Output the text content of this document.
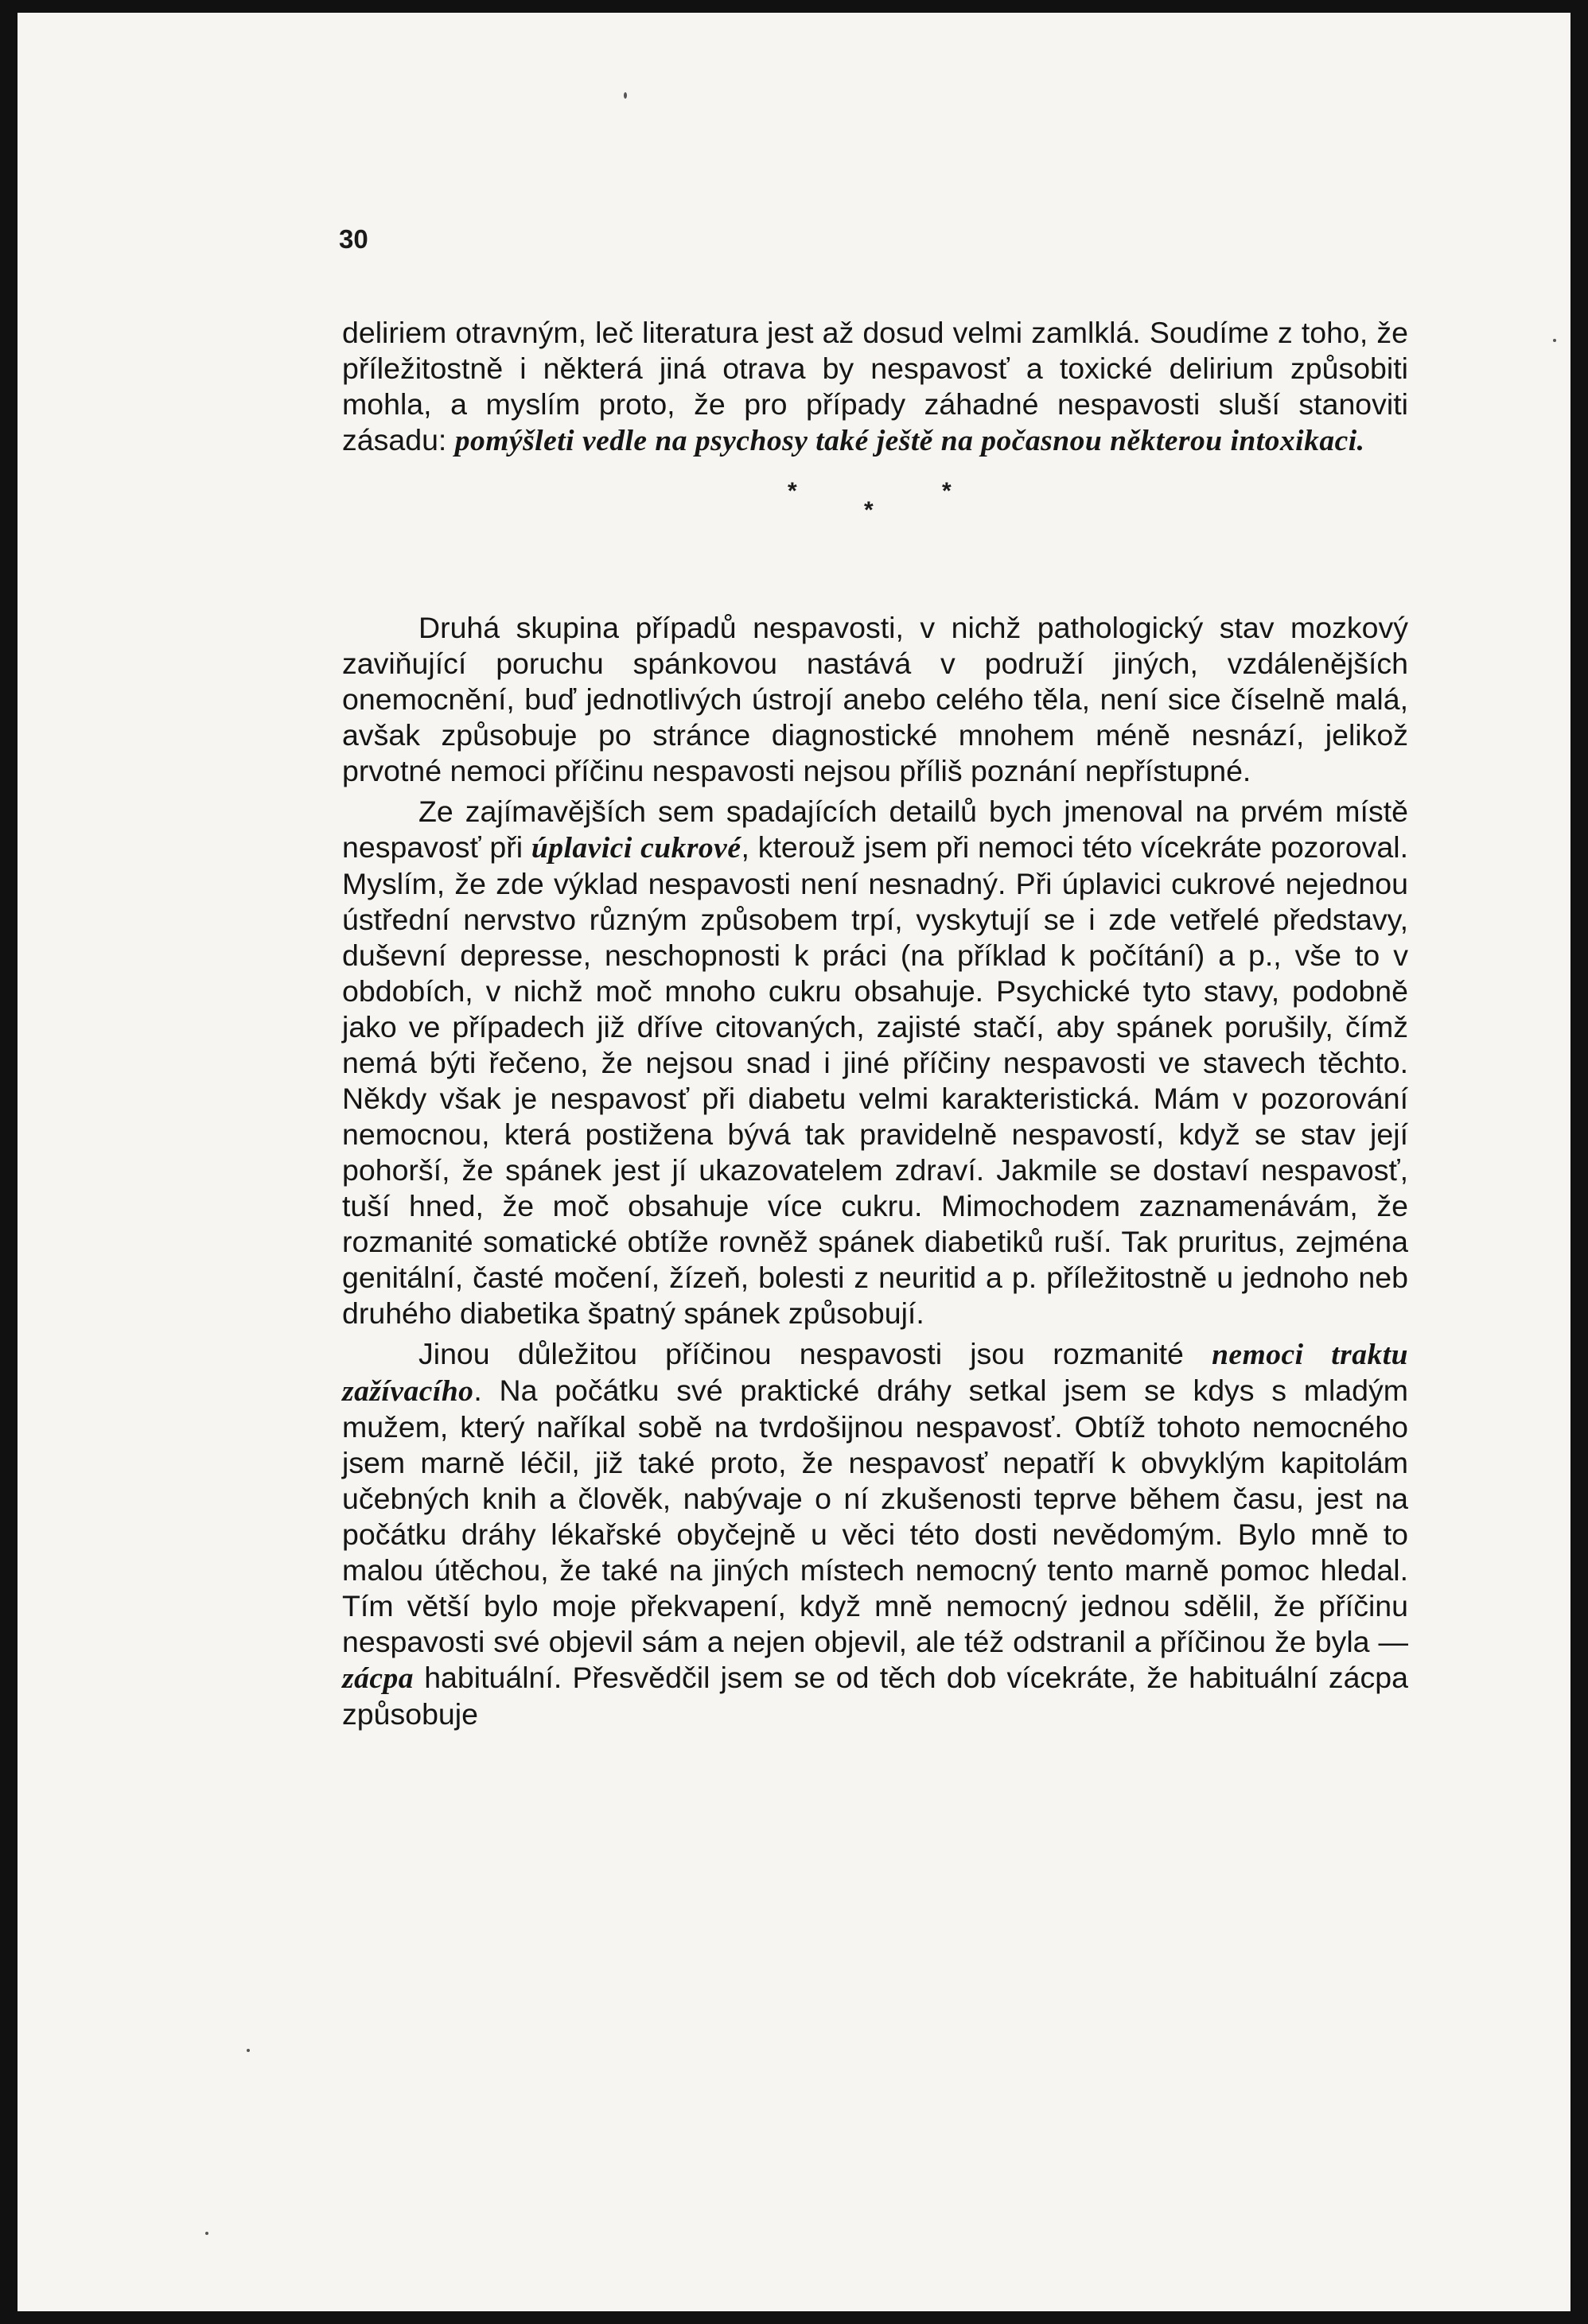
30

deliriem otravným, leč literatura jest až dosud velmi zamlklá. Soudíme z toho, že příležitostně i některá jiná otrava by nespavosť a toxické delirium způsobiti mohla, a myslím proto, že pro případy záhadné nespavosti sluší stanoviti zásadu: pomýšleti vedle na psychosy také ještě na počasnou některou intoxikaci.

*
*
*

Druhá skupina případů nespavosti, v nichž pathologický stav mozkový zaviňující poruchu spánkovou nastává v podruží jiných, vzdálenějších onemocnění, buď jednotlivých ústrojí anebo celého těla, není sice číselně malá, avšak způsobuje po stránce diagnostické mnohem méně nesnází, jelikož prvotné nemoci příčinu nespavosti nejsou příliš poznání nepřístupné.

Ze zajímavějších sem spadajících detailů bych jmenoval na prvém místě nespavosť při úplavici cukrové, kterouž jsem při nemoci této vícekráte pozoroval. Myslím, že zde výklad nespavosti není nesnadný. Při úplavici cukrové nejednou ústřední nervstvo různým způsobem trpí, vyskytují se i zde vetřelé představy, duševní depresse, neschopnosti k práci (na příklad k počítání) a p., vše to v obdobích, v nichž moč mnoho cukru obsahuje. Psychické tyto stavy, podobně jako ve případech již dříve citovaných, zajisté stačí, aby spánek porušily, čímž nemá býti řečeno, že nejsou snad i jiné příčiny nespavosti ve stavech těchto. Někdy však je nespavosť při diabetu velmi karakteristická. Mám v pozorování nemocnou, která postižena bývá tak pravidelně nespavostí, když se stav její pohorší, že spánek jest jí ukazovatelem zdraví. Jakmile se dostaví nespavosť, tuší hned, že moč obsahuje více cukru. Mimochodem zaznamenávám, že rozmanité somatické obtíže rovněž spánek diabetiků ruší. Tak pruritus, zejména genitální, časté močení, žízeň, bolesti z neuritid a p. příležitostně u jednoho neb druhého diabetika špatný spánek způsobují.

Jinou důležitou příčinou nespavosti jsou rozmanité nemoci traktu zažívacího. Na počátku své praktické dráhy setkal jsem se kdys s mladým mužem, který naříkal sobě na tvrdošijnou nespavosť. Obtíž tohoto nemocného jsem marně léčil, již také proto, že nespavosť nepatří k obvyklým kapitolám učebných knih a člověk, nabývaje o ní zkušenosti teprve během času, jest na počátku dráhy lékařské obyčejně u věci této dosti nevědomým. Bylo mně to malou útěchou, že také na jiných místech nemocný tento marně pomoc hledal. Tím větší bylo moje překvapení, když mně nemocný jednou sdělil, že příčinu nespavosti své objevil sám a nejen objevil, ale též odstranil a příčinou že byla — zácpa habituální. Přesvědčil jsem se od těch dob vícekráte, že habituální zácpa způsobuje
